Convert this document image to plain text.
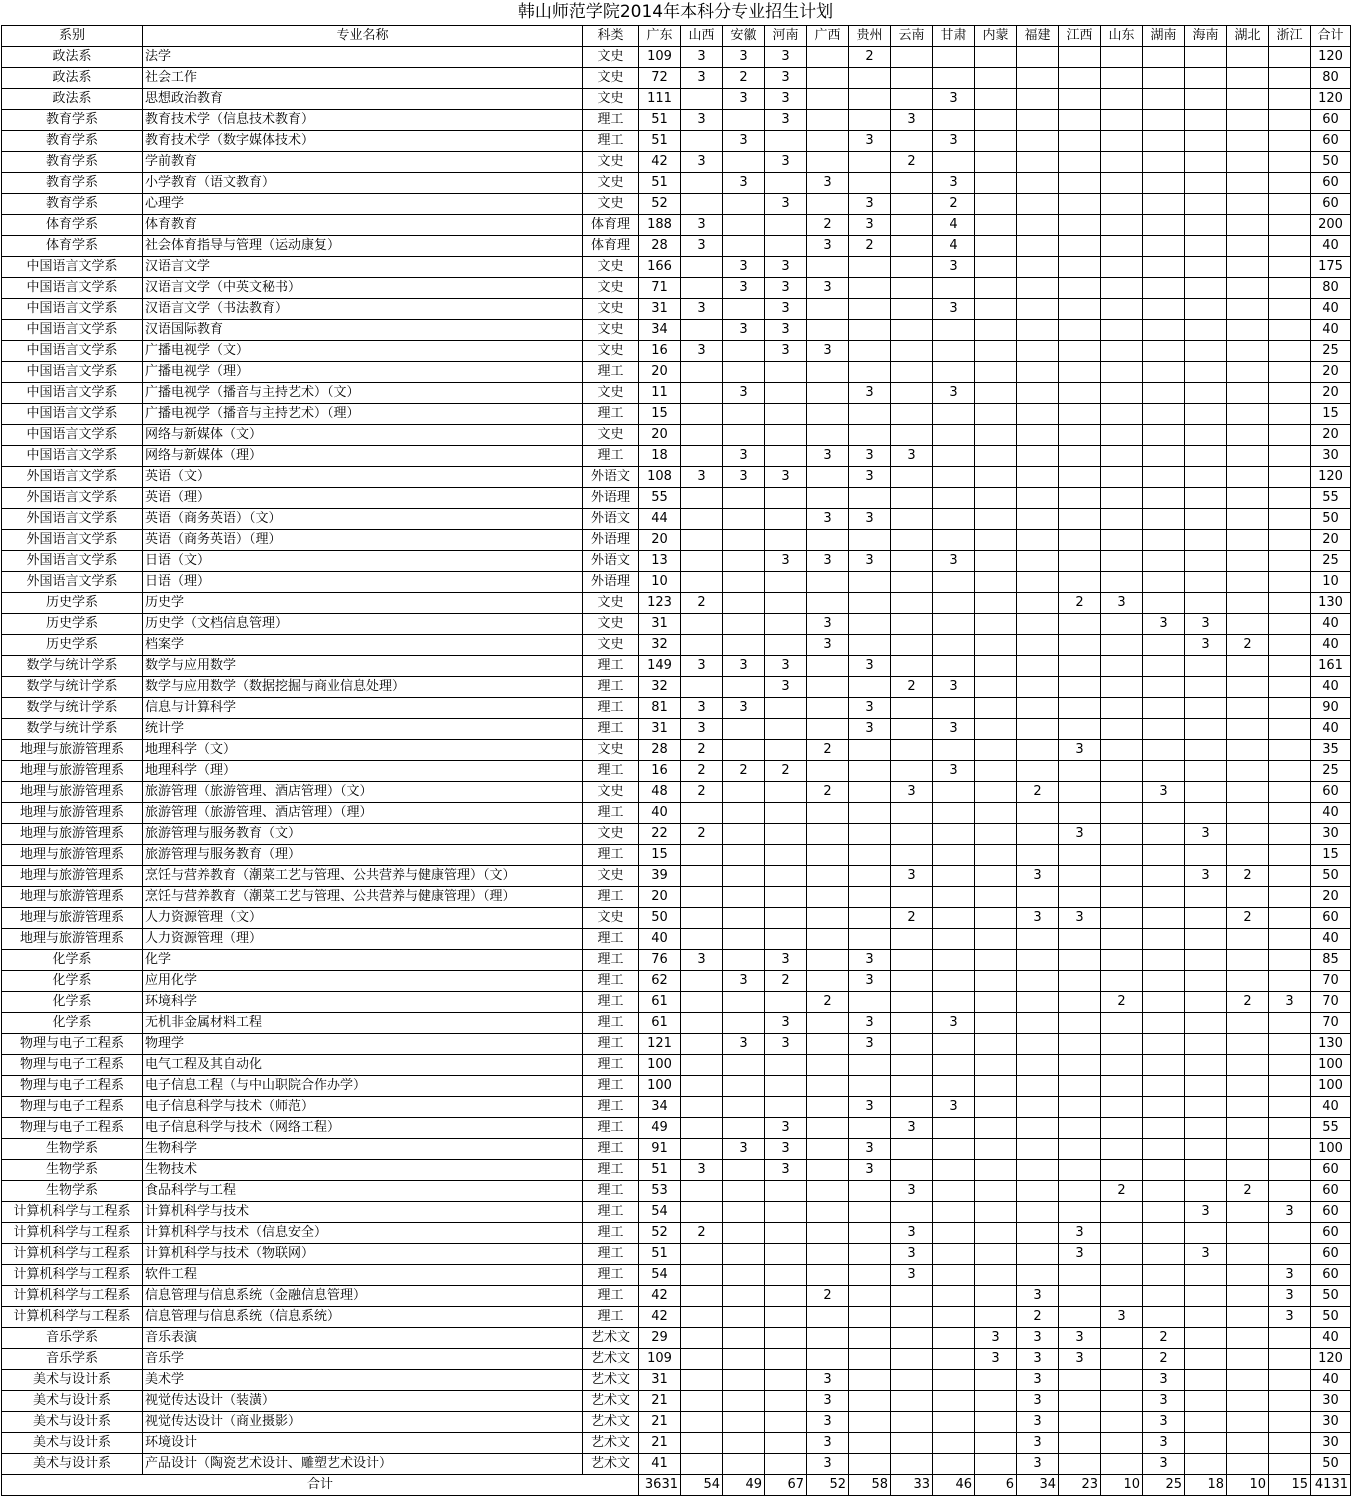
韩山师范学院2014年本科分专业招生计划
系别	专业名称	科类	广东	山西	安徽	河南	广西	贵州	云南	甘肃	内蒙	福建	江西	山东	湖南	海南	湖北	浙江	合计
政法系	法学	文史	109	3	3	3		2											120
政法系	社会工作	文史	72	3	2	3													80
政法系	思想政治教育	文史	111		3	3				3									120
教育学系	教育技术学（信息技术教育）	理工	51	3		3			3										60
教育学系	教育技术学（数字媒体技术）	理工	51		3			3		3									60
教育学系	学前教育	文史	42	3		3			2										50
教育学系	小学教育（语文教育）	文史	51		3		3			3									60
教育学系	心理学	文史	52			3		3		2									60
体育学系	体育教育	体育理	188	3			2	3		4									200
体育学系	社会体育指导与管理（运动康复）	体育理	28	3			3	2		4									40
中国语言文学系	汉语言文学	文史	166		3	3				3									175
中国语言文学系	汉语言文学（中英文秘书）	文史	71		3	3	3												80
中国语言文学系	汉语言文学（书法教育）	文史	31	3		3				3									40
中国语言文学系	汉语国际教育	文史	34		3	3													40
中国语言文学系	广播电视学（文）	文史	16	3		3	3												25
中国语言文学系	广播电视学（理）	理工	20																20
中国语言文学系	广播电视学（播音与主持艺术）（文）	文史	11		3			3		3									20
中国语言文学系	广播电视学（播音与主持艺术）（理）	理工	15																15
中国语言文学系	网络与新媒体（文）	文史	20																20
中国语言文学系	网络与新媒体（理）	理工	18		3		3	3	3										30
外国语言文学系	英语（文）	外语文	108	3	3	3		3											120
外国语言文学系	英语（理）	外语理	55																55
外国语言文学系	英语（商务英语）（文）	外语文	44				3	3											50
外国语言文学系	英语（商务英语）（理）	外语理	20																20
外国语言文学系	日语（文）	外语文	13			3	3	3		3									25
外国语言文学系	日语（理）	外语理	10																10
历史学系	历史学	文史	123	2									2	3					130
历史学系	历史学（文档信息管理）	文史	31				3								3	3			40
历史学系	档案学	文史	32				3									3	2		40
数学与统计学系	数学与应用数学	理工	149	3	3	3		3											161
数学与统计学系	数学与应用数学（数据挖掘与商业信息处理）	理工	32			3			2	3									40
数学与统计学系	信息与计算科学	理工	81	3	3			3											90
数学与统计学系	统计学	理工	31	3				3		3									40
地理与旅游管理系	地理科学（文）	文史	28	2			2						3						35
地理与旅游管理系	地理科学（理）	理工	16	2	2	2				3									25
地理与旅游管理系	旅游管理（旅游管理、酒店管理）（文）	文史	48	2			2		3			2			3				60
地理与旅游管理系	旅游管理（旅游管理、酒店管理）（理）	理工	40																40
地理与旅游管理系	旅游管理与服务教育（文）	文史	22	2									3			3			30
地理与旅游管理系	旅游管理与服务教育（理）	理工	15																15
地理与旅游管理系	烹饪与营养教育（潮菜工艺与管理、公共营养与健康管理）（文）	文史	39						3			3				3	2		50
地理与旅游管理系	烹饪与营养教育（潮菜工艺与管理、公共营养与健康管理）（理）	理工	20																20
地理与旅游管理系	人力资源管理（文）	文史	50						2			3	3				2		60
地理与旅游管理系	人力资源管理（理）	理工	40																40
化学系	化学	理工	76	3		3		3											85
化学系	应用化学	理工	62		3	2		3											70
化学系	环境科学	理工	61				2							2			2	3	70
化学系	无机非金属材料工程	理工	61			3		3		3									70
物理与电子工程系	物理学	理工	121		3	3		3											130
物理与电子工程系	电气工程及其自动化	理工	100																100
物理与电子工程系	电子信息工程（与中山职院合作办学）	理工	100																100
物理与电子工程系	电子信息科学与技术（师范）	理工	34					3		3									40
物理与电子工程系	电子信息科学与技术（网络工程）	理工	49			3			3										55
生物学系	生物科学	理工	91		3	3		3											100
生物学系	生物技术	理工	51	3		3		3											60
生物学系	食品科学与工程	理工	53						3					2			2		60
计算机科学与工程系	计算机科学与技术	理工	54													3		3	60
计算机科学与工程系	计算机科学与技术（信息安全）	理工	52	2					3				3						60
计算机科学与工程系	计算机科学与技术（物联网）	理工	51						3				3			3			60
计算机科学与工程系	软件工程	理工	54						3									3	60
计算机科学与工程系	信息管理与信息系统（金融信息管理）	理工	42				2					3						3	50
计算机科学与工程系	信息管理与信息系统（信息系统）	理工	42									2		3				3	50
音乐学系	音乐表演	艺术文	29								3	3	3		2				40
音乐学系	音乐学	艺术文	109								3	3	3		2				120
美术与设计系	美术学	艺术文	31				3					3			3				40
美术与设计系	视觉传达设计（装潢）	艺术文	21				3					3			3				30
美术与设计系	视觉传达设计（商业摄影）	艺术文	21				3					3			3				30
美术与设计系	环境设计	艺术文	21				3					3			3				30
美术与设计系	产品设计（陶瓷艺术设计、雕塑艺术设计）	艺术文	41				3					3			3				50
合计			3631	54	49	67	52	58	33	46	6	34	23	10	25	18	10	15	4131
